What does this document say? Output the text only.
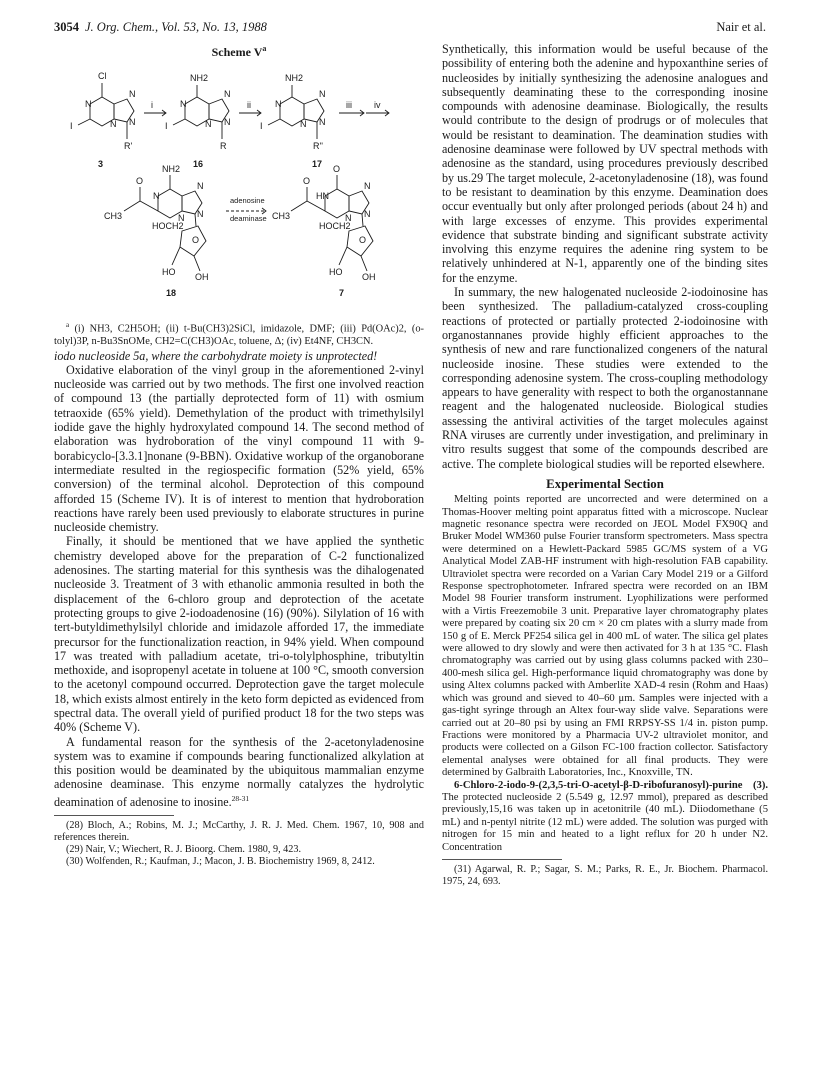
3054 J. Org. Chem., Vol. 53, No. 13, 1988	Nair et al.
Scheme $V^a$
Cl
N
N
N N
I
R'
3
i
NH2
N
N
N N
I
R
16
ii
NH2
N
N
N N
I
R''
17
iii iv
NH2
O
N
N
N N
CH3
HOCH2
O
HO OH
18
adenosine
deaminase
O
O
HN
N
N N
CH3
HOCH2
O
HO OH
7

$^a$ (i) NH3, C2H5OH; (ii) t-Bu(CH3)2SiCl, imidazole, DMF; (iii) Pd(OAc)2, (o-tolyl)3P, n-Bu3SnOMe, CH2=C(CH3)OAc, toluene, Δ; (iv) Et4NF, CH3CN.

iodo nucleoside 5a, where the carbohydrate moiety is unprotected!

Oxidative elaboration of the vinyl group in the aforementioned 2-vinyl nucleoside was carried out by two methods. The first one involved reaction of compound 13 (the partially deprotected form of 11) with osmium tetraoxide (65% yield). Demethylation of the product with trimethylsilyl iodide gave the highly hydroxylated compound 14. The second method of elaboration was hydroboration of the vinyl compound 11 with 9-borabicyclo-[3.3.1]nonane (9-BBN). Oxidative workup of the organoborane intermediate resulted in the regiospecific formation (52% yield, 65% conversion) of the terminal alcohol. Deprotection of this compound afforded 15 (Scheme IV). It is of interest to mention that hydroboration reactions have rarely been used previously to elaborate structures in purine nucleoside chemistry.

Finally, it should be mentioned that we have applied the synthetic chemistry developed above for the preparation of C-2 functionalized adenosines. The starting material for this synthesis was the dihalogenated nucleoside 3. Treatment of 3 with ethanolic ammonia resulted in both the displacement of the 6-chloro group and deprotection of the acetate protecting groups to give 2-iodoadenosine (16) (90%). Silylation of 16 with tert-butyldimethylsilyl chloride and imidazole afforded 17, the immediate precursor for the functionalization reaction, in 94% yield. When compound 17 was treated with palladium acetate, tri-o-tolylphosphine, tributyltin methoxide, and isopropenyl acetate in toluene at 100 °C, smooth conversion to the acetonyl compound occurred. Deprotection gave the target molecule 18, which exists almost entirely in the keto form depicted as evidenced from spectral data. The overall yield of purified product 18 for the two steps was 40% (Scheme V).

A fundamental reason for the synthesis of the 2-acetonyladenosine system was to examine if compounds bearing functionalized alkylation at this position would be deaminated by the ubiquitous mammalian enzyme adenosine deaminase. This enzyme normally catalyzes the hydrolytic deamination of adenosine to inosine.$^{28-31}$

(28) Bloch, A.; Robins, M. J.; McCarthy, J. R. J. Med. Chem. 1967, 10, 908 and references therein.

(29) Nair, V.; Wiechert, R. J. Bioorg. Chem. 1980, 9, 423.

(30) Wolfenden, R.; Kaufman, J.; Macon, J. B. Biochemistry 1969, 8, 2412.

Synthetically, this information would be useful because of the possibility of entering both the adenine and hypoxanthine series of nucleosides by initially synthesizing the adenosine analogues and subsequently deaminating these to the corresponding inosine compounds with adenosine deaminase. Biologically, the results would contribute to the design of prodrugs or of molecules that would be resistant to deamination. The deamination studies with adenosine deaminase were followed by UV spectral methods with adenosine as the standard, using procedures previously described by us.29 The target molecule, 2-acetonyladenosine (18), was found to be resistant to deamination by this enzyme. Deamination does occur eventually but only after prolonged periods (about 24 h) and with large excesses of enzyme. This provides experimental evidence that substrate binding and significant substrate activity involving this enzyme requires the adenine ring system to be relatively unhindered at N-1, apparently one of the binding sites for the enzyme.

In summary, the new halogenated nucleoside 2-iodoinosine has been synthesized. The palladium-catalyzed cross-coupling reactions of protected or partially protected 2-iodoinosine with organostannanes provide highly efficient approaches to the synthesis of new and rare functionalized congeners of the natural nucleoside inosine. These studies were extended to the corresponding adenosine system. The cross-coupling methodology appears to have generality with respect to both the organostannane reagent and the halogenated nucleoside. Biological studies assessing the antiviral activities of the target molecules against RNA viruses are currently under investigation, and preliminary in vitro results suggest that some of the compounds described are active. The complete biological studies will be reported elsewhere.

Experimental Section

Melting points reported are uncorrected and were determined on a Thomas-Hoover melting point apparatus fitted with a microscope. Nuclear magnetic resonance spectra were recorded on JEOL Model FX90Q and Bruker Model WM360 pulse Fourier transform spectrometers. Mass spectra were determined on a Hewlett-Packard 5985 GC/MS system of a VG Analytical Model ZAB-HF instrument with high-resolution FAB capability. Ultraviolet spectra were recorded on a Varian Cary Model 219 or a Gilford Response spectrophotometer. Infrared spectra were recorded on an IBM Model 98 Fourier transform instrument. Lyophilizations were performed with a Virtis Freezemobile 3 unit. Preparative layer chromatography plates were prepared by coating six 20 cm × 20 cm plates with a slurry made from 150 g of E. Merck PF254 silica gel in 400 mL of water. The silica gel plates were allowed to dry slowly and were then activated for 3 h at 135 °C. Flash chromatography was carried out by using glass columns packed with 230–400-mesh silica gel. High-performance liquid chromatography was done by using Altex columns packed with Amberlite XAD-4 resin (Rohm and Haas) which was ground and sieved to 40–60 μm. Samples were injected with a gas-tight syringe through an Altex four-way slide valve. Separations were carried out at 20–80 psi by using an FMI RRPSY-SS 1/4 in. piston pump. Fractions were monitored by a Pharmacia UV-2 ultraviolet monitor, and products were collected on a Gilson FC-100 fraction collector. Satisfactory elemental analyses were obtained for all final products. They were determined by Galbraith Laboratories, Inc., Knoxville, TN.

6-Chloro-2-iodo-9-(2,3,5-tri-O-acetyl-β-D-ribofuranosyl)-purine (3). The protected nucleoside 2 (5.549 g, 12.97 mmol), prepared as described previously,15,16 was taken up in acetonitrile (40 mL). Diiodomethane (5 mL) and n-pentyl nitrite (12 mL) were added. The solution was purged with nitrogen for 15 min and heated to a light reflux for 20 h under N2. Concentration

(31) Agarwal, R. P.; Sagar, S. M.; Parks, R. E., Jr. Biochem. Pharmacol. 1975, 24, 693.
